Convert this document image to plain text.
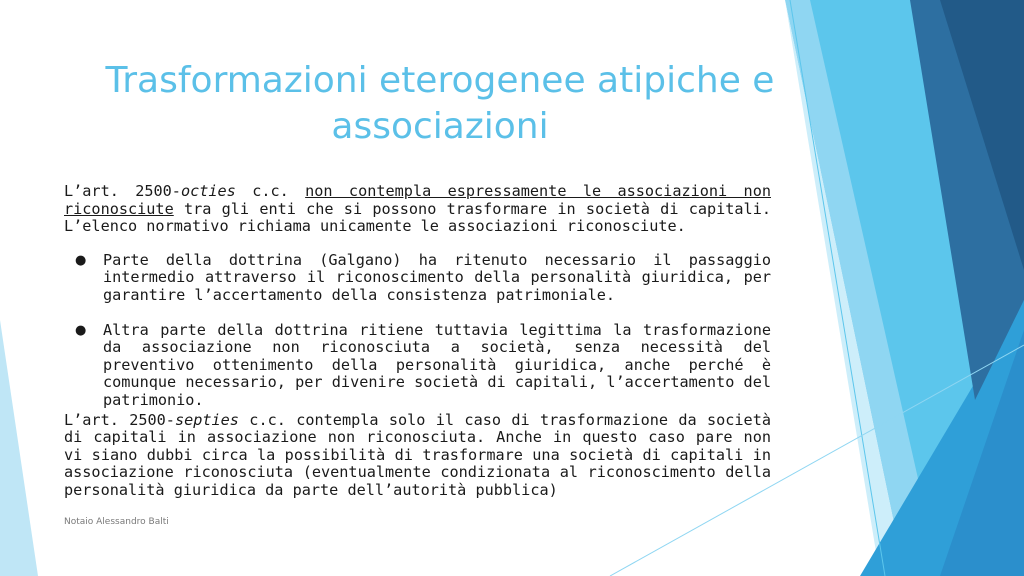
Trasformazioni eterogenee atipiche e associazioni

L’art. 2500-octies c.c. non contempla espressamente le associazioni non riconosciute tra gli enti che si possono trasformare in società di capitali. L’elenco normativo richiama unicamente le associazioni riconosciute.

● Parte della dottrina (Galgano) ha ritenuto necessario il passaggio intermedio attraverso il riconoscimento della personalità giuridica, per garantire l’accertamento della consistenza patrimoniale.

● Altra parte della dottrina ritiene tuttavia legittima la trasformazione da associazione non riconosciuta a società, senza necessità del preventivo ottenimento della personalità giuridica, anche perché è comunque necessario, per divenire società di capitali, l’accertamento del patrimonio.

L’art. 2500-septies c.c. contempla solo il caso di trasformazione da società di capitali in associazione non riconosciuta. Anche in questo caso pare non vi siano dubbi circa la possibilità di trasformare una società di capitali in associazione riconosciuta (eventualmente condizionata al riconoscimento della personalità giuridica da parte dell’autorità pubblica)

Notaio Alessandro Balti
